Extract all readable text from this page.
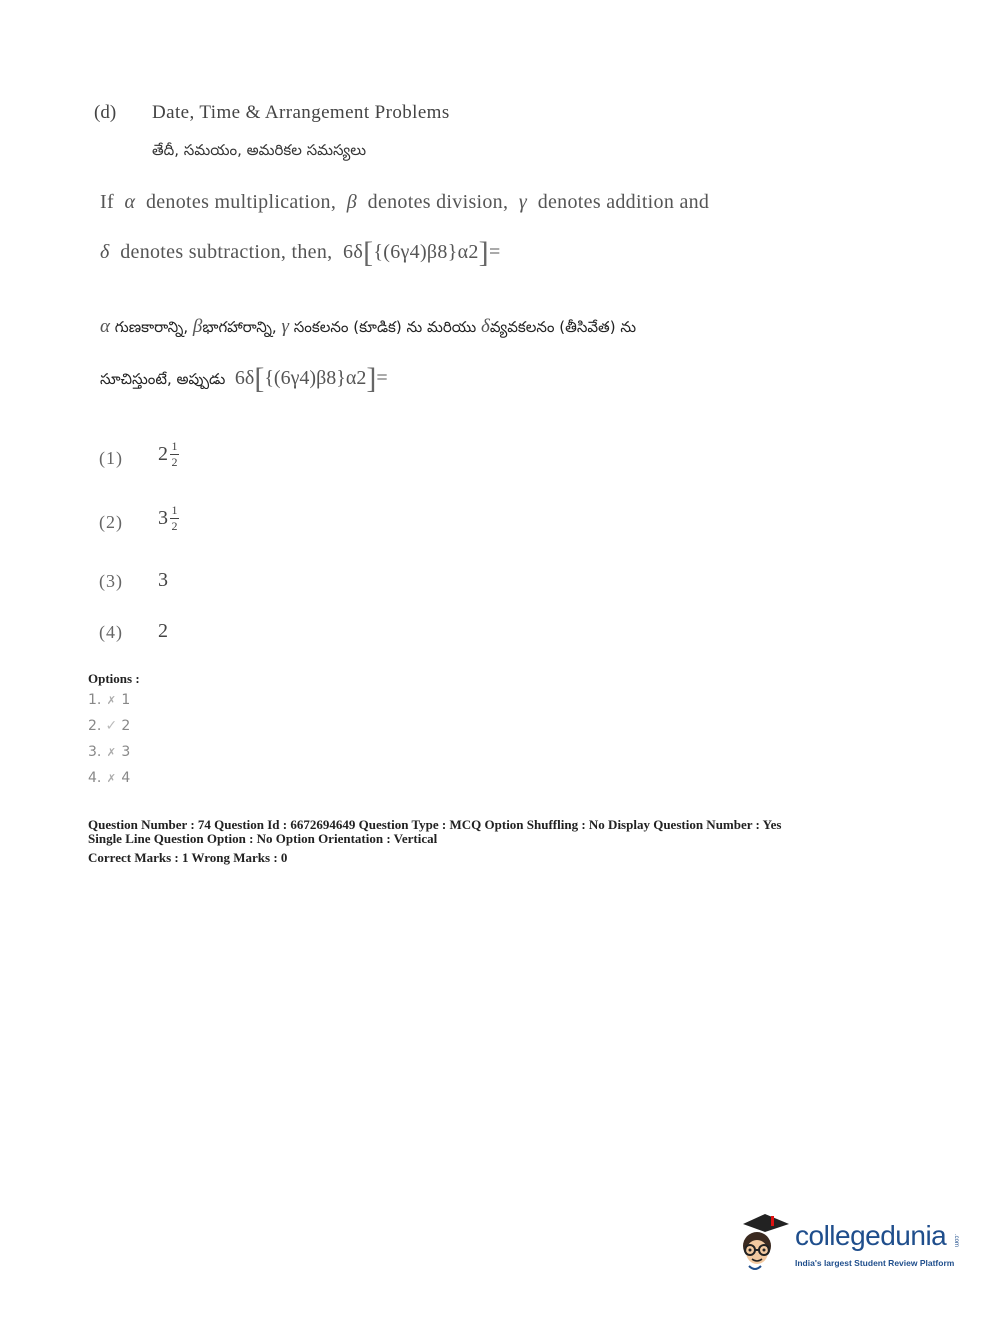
(d) Date, Time & Arrangement Problems
తేదీ, సమయం, అమరికల సమస్యలు
If α denotes multiplication, β denotes division, γ denotes addition and
δ denotes subtraction, then, 6δ[{(6γ4)β8}α2]=
α గుణకారాన్ని, βభాగహారాన్ని, γ సంకలనం (కూడిక) ను మరియు δవ్యవకలనం (తీసివేత) ను
సూచిస్తుంటే, అప్పుడు 6δ[{(6γ4)β8}α2]=
(1) $2 \frac{1}{2}$
(2) $3 \frac{1}{2}$
(3) 3
(4) 2
Options :
1. ✗ 1
2. ✓ 2
3. ✗ 3
4. ✗ 4
Question Number : 74 Question Id : 6672694649 Question Type : MCQ Option Shuffling : No Display Question Number : Yes
Single Line Question Option : No Option Orientation : Vertical
Correct Marks : 1 Wrong Marks : 0
collegedunia .com
India's largest Student Review Platform
